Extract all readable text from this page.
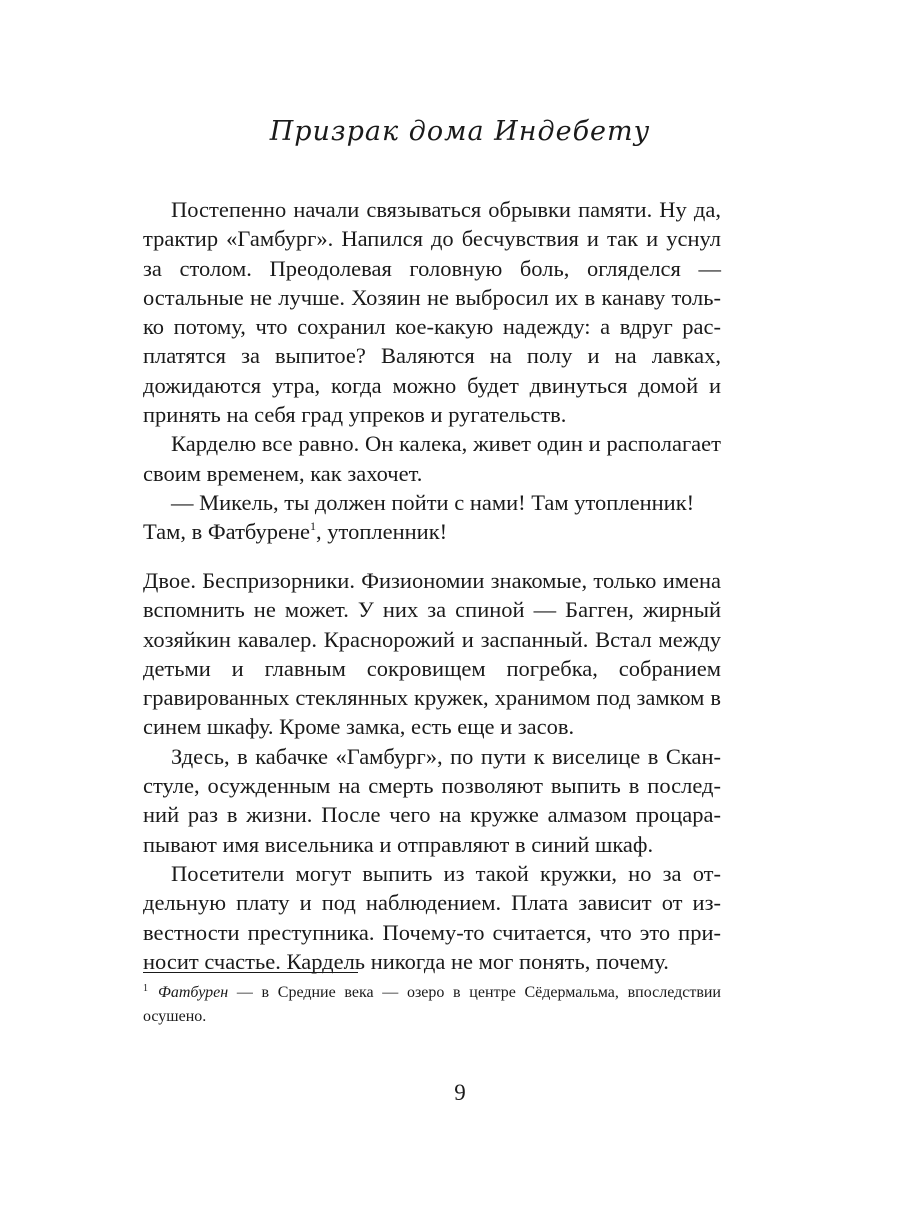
Призрак дома Индебету

Постепенно начали связываться обрывки памяти. Ну да, трактир «Гамбург». Напился до бесчувствия и так и уснул за столом. Преодолевая головную боль, огляделся — остальные не лучше. Хозяин не выбросил их в канаву только потому, что сохранил кое-какую надежду: а вдруг расплатятся за выпитое? Валяются на полу и на лавках, дожидаются утра, когда можно будет двинуться домой и принять на себя град упреков и ругательств.

Карделю все равно. Он калека, живет один и располагает своим временем, как захочет.

— Микель, ты должен пойти с нами! Там утопленник!

Там, в Фатбурене$^1$, утопленник!

Двое. Беспризорники. Физиономии знакомые, только имена вспомнить не может. У них за спиной — Багген, жирный хозяйкин кавалер. Краснорожий и заспанный. Встал между детьми и главным сокровищем погребка, собранием гравированных стеклянных кружек, хранимом под замком в синем шкафу. Кроме замка, есть еще и засов.

Здесь, в кабачке «Гамбург», по пути к виселице в Сканстуле, осужденным на смерть позволяют выпить в последний раз в жизни. После чего на кружке алмазом процарапывают имя висельника и отправляют в синий шкаф.

Посетители могут выпить из такой кружки, но за отдельную плату и под наблюдением. Плата зависит от известности преступника. Почему-то считается, что это приносит счастье. Кардель никогда не мог понять, почему.

$^1$ Фатбурен — в Средние века — озеро в центре Сёдермальма, впоследствии осушено.
9
